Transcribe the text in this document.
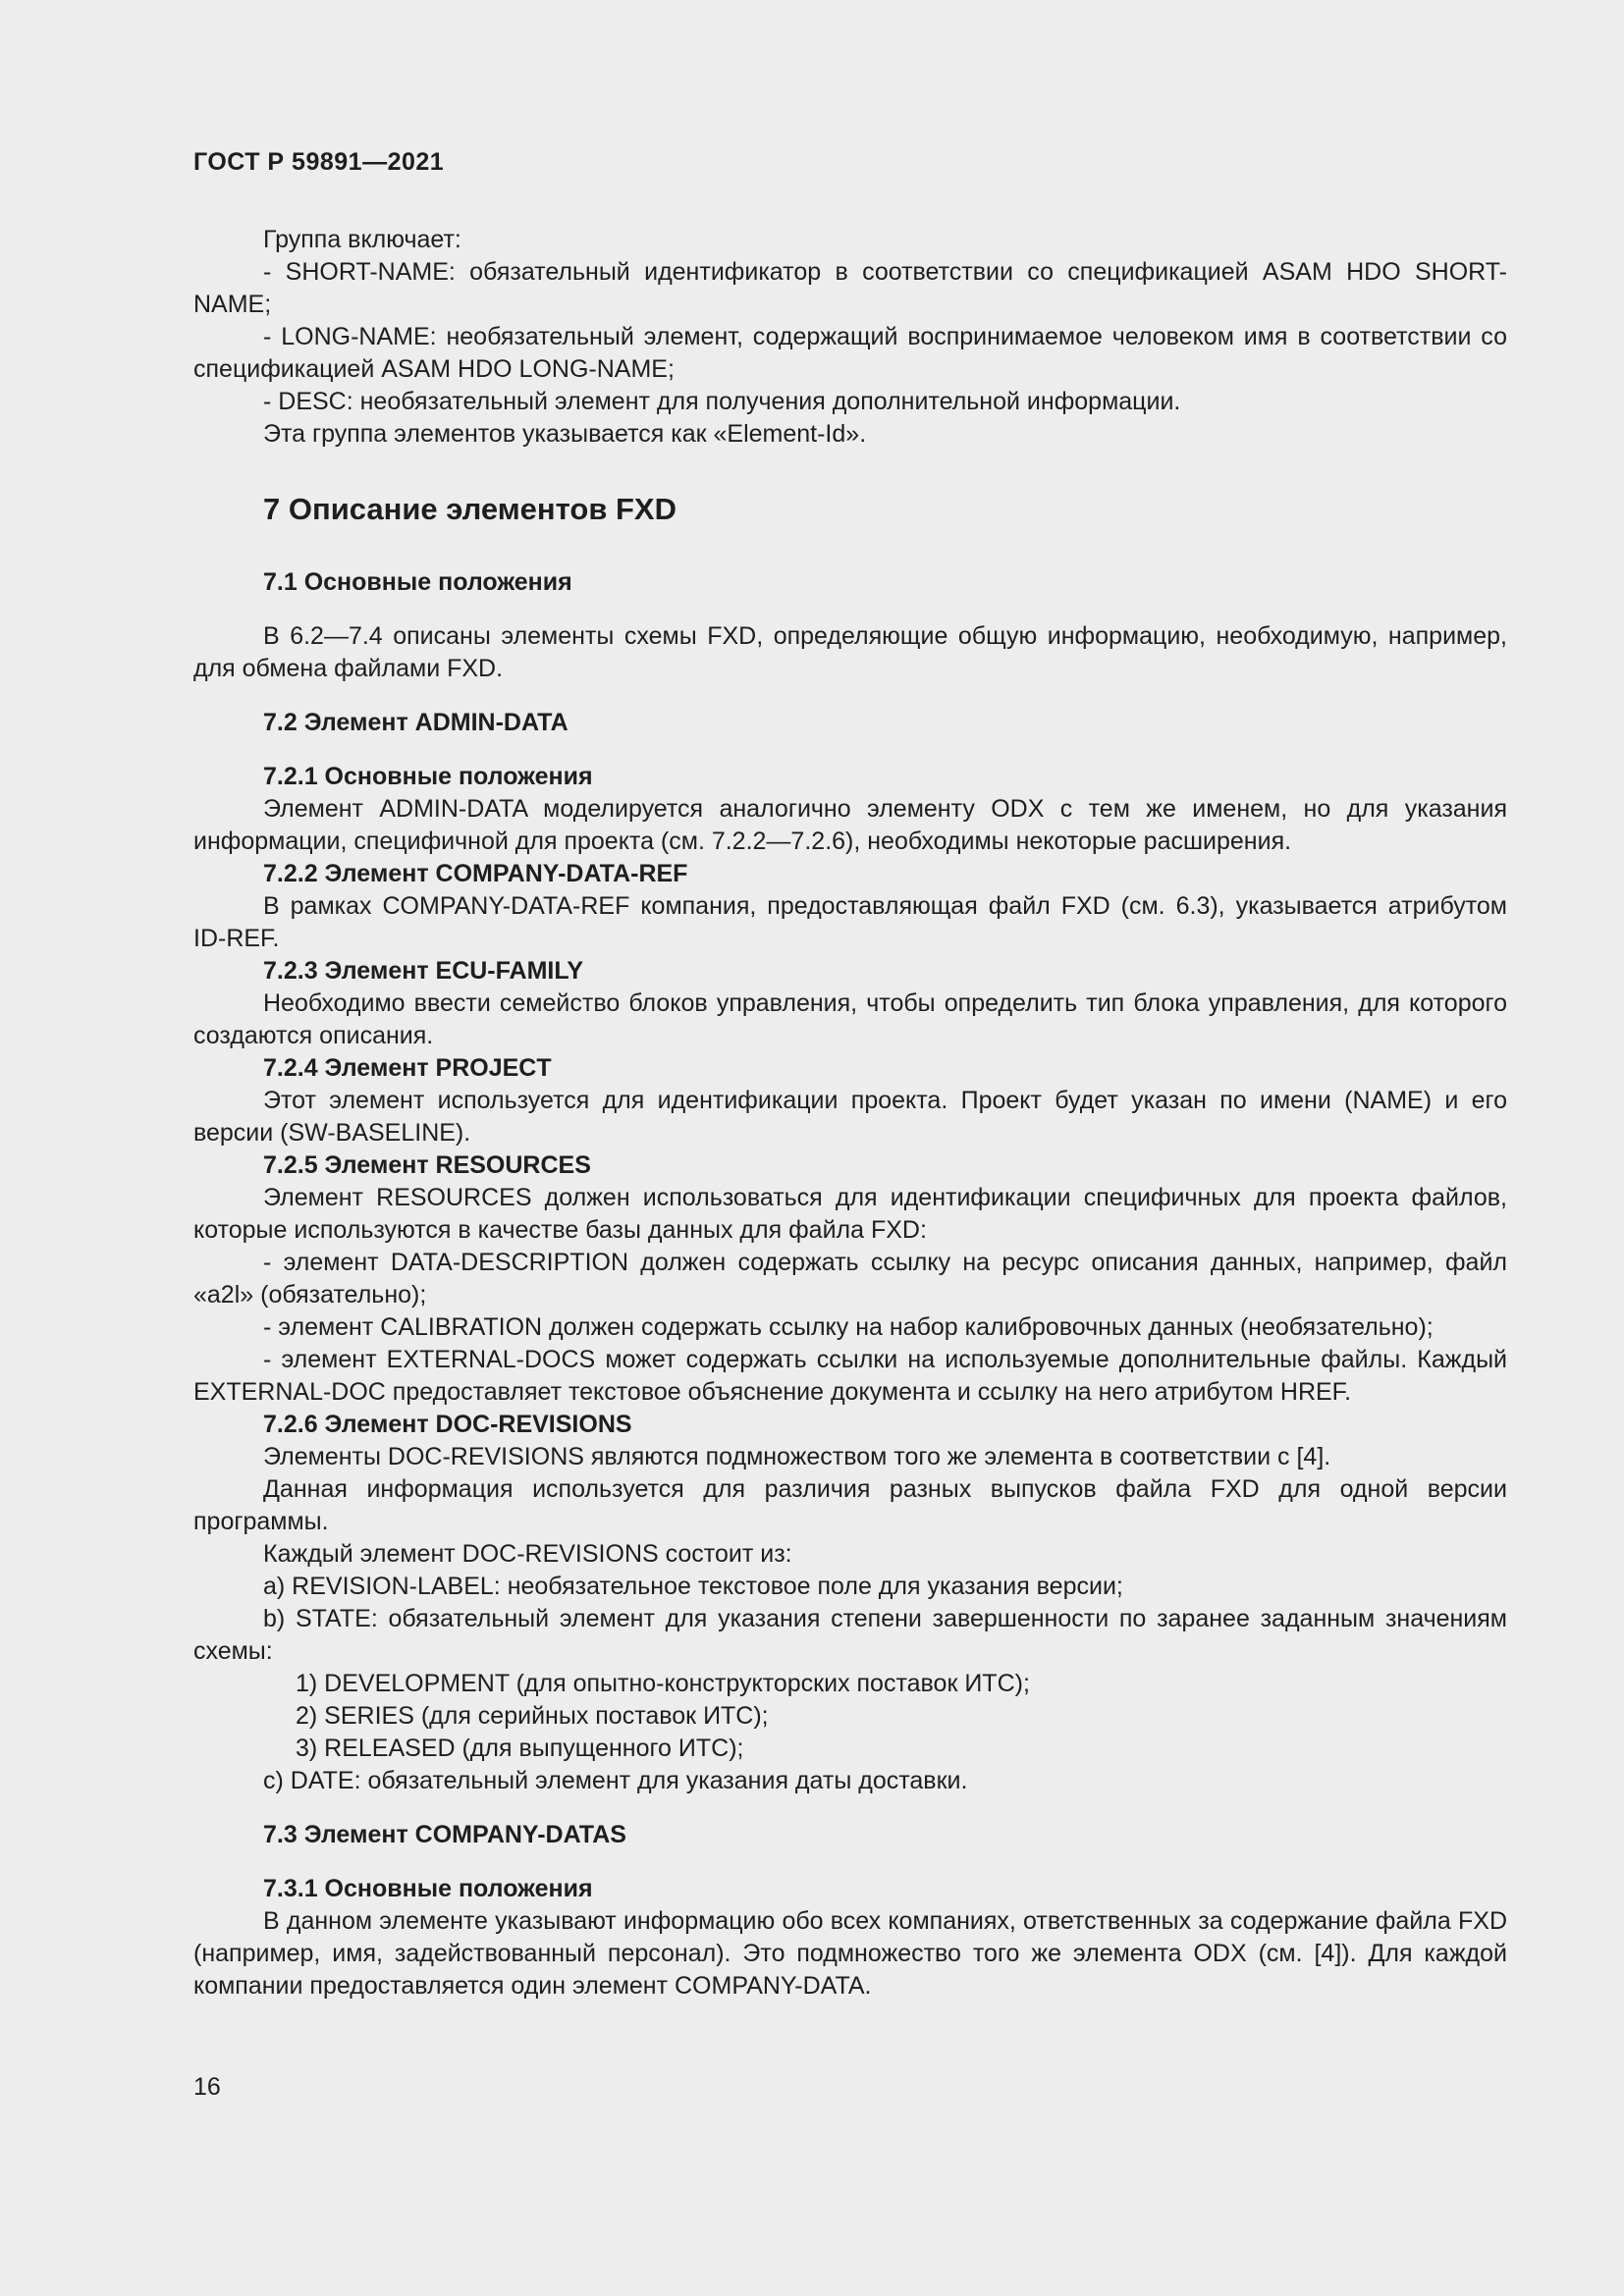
ГОСТ Р 59891—2021

Группа включает:

- SHORT-NAME: обязательный идентификатор в соответствии со спецификацией ASAM HDO SHORT-NAME;

- LONG-NAME: необязательный элемент, содержащий воспринимаемое человеком имя в соответствии со спецификацией ASAM HDO LONG-NAME;

- DESC: необязательный элемент для получения дополнительной информации.

Эта группа элементов указывается как «Element-Id».

7 Описание элементов FXD
7.1 Основные положения

В 6.2—7.4 описаны элементы схемы FXD, определяющие общую информацию, необходимую, например, для обмена файлами FXD.

7.2 Элемент ADMIN-DATA
7.2.1 Основные положения

Элемент ADMIN-DATA моделируется аналогично элементу ODX с тем же именем, но для указания информации, специфичной для проекта (см. 7.2.2—7.2.6), необходимы некоторые расширения.

7.2.2 Элемент COMPANY-DATA-REF

В рамках COMPANY-DATA-REF компания, предоставляющая файл FXD (см. 6.3), указывается атрибутом ID-REF.

7.2.3 Элемент ECU-FAMILY

Необходимо ввести семейство блоков управления, чтобы определить тип блока управления, для которого создаются описания.

7.2.4 Элемент PROJECT

Этот элемент используется для идентификации проекта. Проект будет указан по имени (NAME) и его версии (SW-BASELINE).

7.2.5 Элемент RESOURCES

Элемент RESOURCES должен использоваться для идентификации специфичных для проекта файлов, которые используются в качестве базы данных для файла FXD:

- элемент DATA-DESCRIPTION должен содержать ссылку на ресурс описания данных, например, файл «a2l» (обязательно);

- элемент CALIBRATION должен содержать ссылку на набор калибровочных данных (необязательно);

- элемент EXTERNAL-DOCS может содержать ссылки на используемые дополнительные файлы. Каждый EXTERNAL-DOC предоставляет текстовое объяснение документа и ссылку на него атрибутом HREF.

7.2.6 Элемент DOC-REVISIONS

Элементы DOC-REVISIONS являются подмножеством того же элемента в соответствии с [4].

Данная информация используется для различия разных выпусков файла FXD для одной версии программы.

Каждый элемент DOC-REVISIONS состоит из:

a) REVISION-LABEL: необязательное текстовое поле для указания версии;

b) STATE: обязательный элемент для указания степени завершенности по заранее заданным значениям схемы:

1) DEVELOPMENT (для опытно-конструкторских поставок ИТС);

2) SERIES (для серийных поставок ИТС);

3) RELEASED (для выпущенного ИТС);

c) DATE: обязательный элемент для указания даты доставки.

7.3 Элемент COMPANY-DATAS
7.3.1 Основные положения

В данном элементе указывают информацию обо всех компаниях, ответственных за содержание файла FXD (например, имя, задействованный персонал). Это подмножество того же элемента ODX (см. [4]). Для каждой компании предоставляется один элемент COMPANY-DATA.

16
